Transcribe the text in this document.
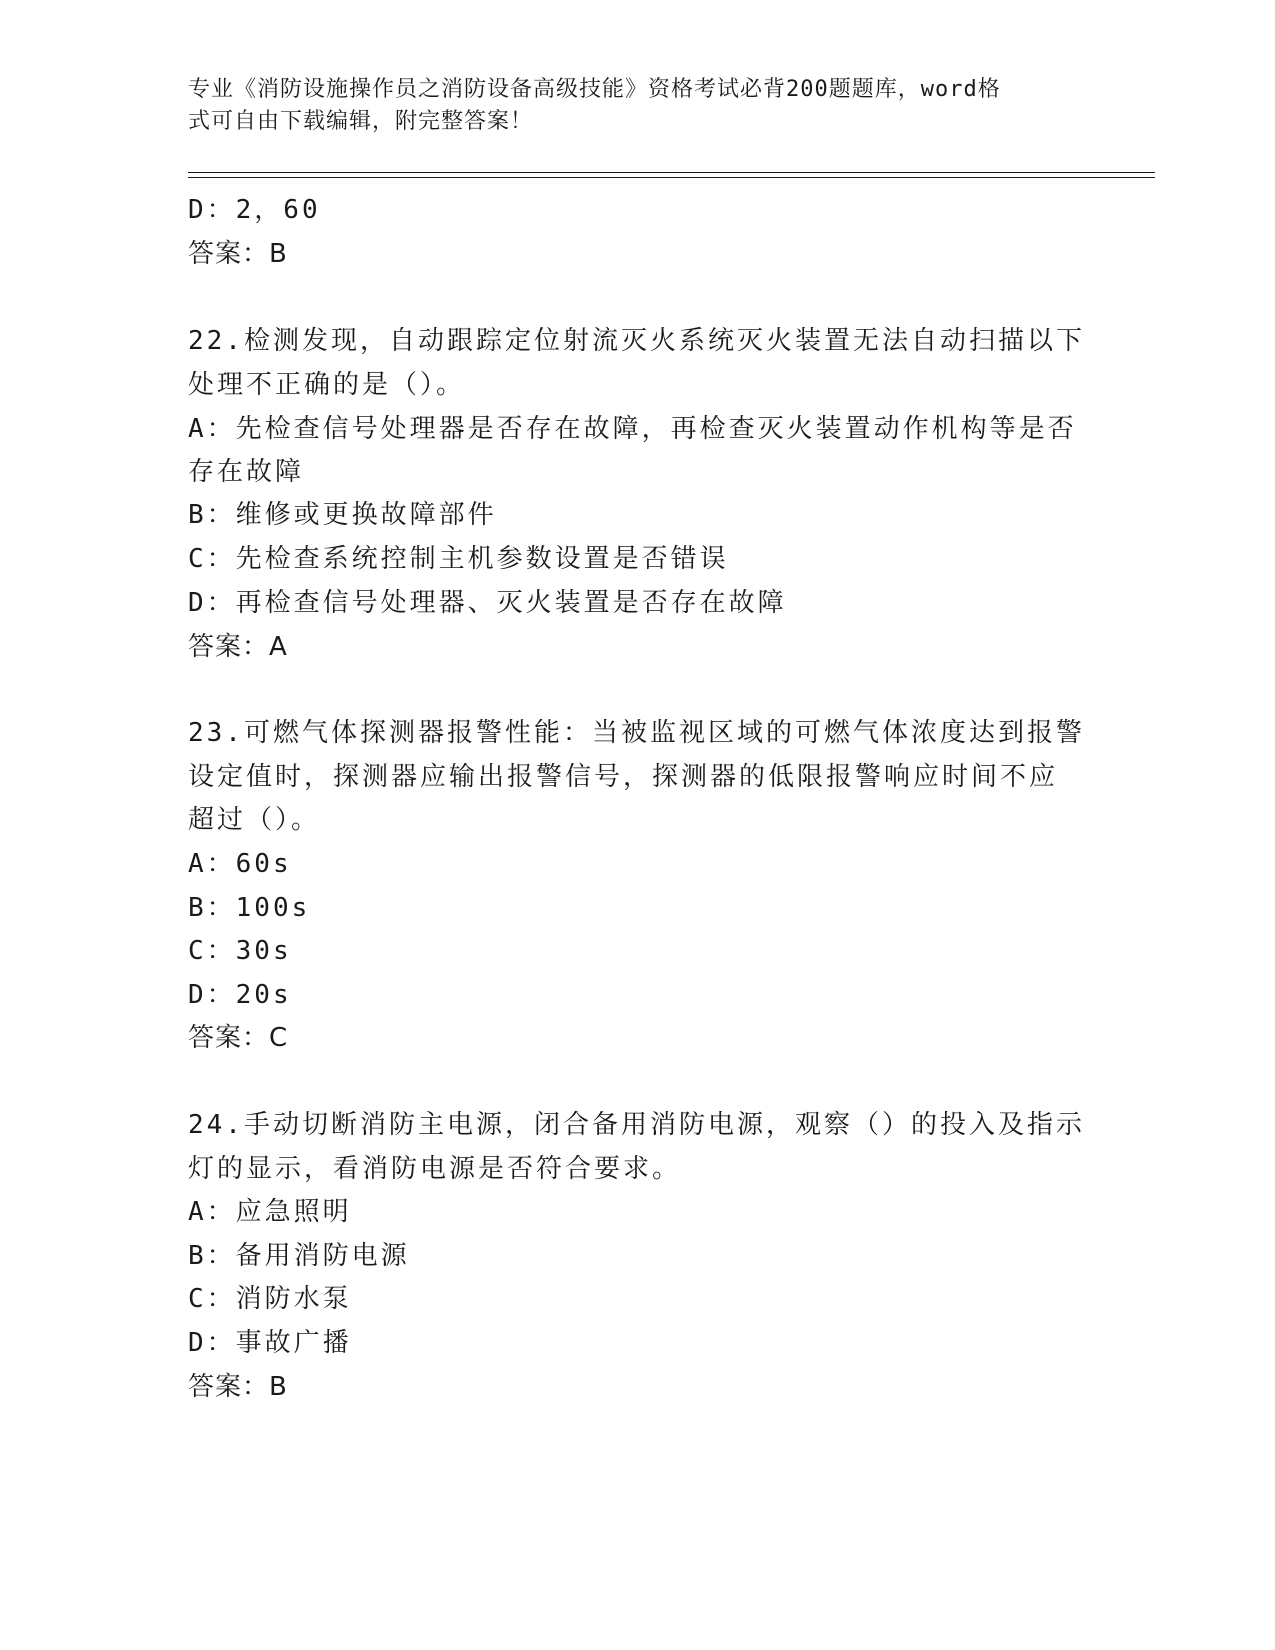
专业《消防设施操作员之消防设备高级技能》资格考试必背200题题库，word格
式可自由下载编辑，附完整答案！
D：2，60
答案：B
22.检测发现，自动跟踪定位射流灭火系统灭火装置无法自动扫描以下
处理不正确的是（）。
A：先检查信号处理器是否存在故障，再检查灭火装置动作机构等是否
存在故障
B：维修或更换故障部件
C：先检查系统控制主机参数设置是否错误
D：再检查信号处理器、灭火装置是否存在故障
答案：A
23.可燃气体探测器报警性能：当被监视区域的可燃气体浓度达到报警
设定值时，探测器应输出报警信号，探测器的低限报警响应时间不应
超过（）。
A：60s
B：100s
C：30s
D：20s
答案：C
24.手动切断消防主电源，闭合备用消防电源，观察（）的投入及指示
灯的显示，看消防电源是否符合要求。
A：应急照明
B：备用消防电源
C：消防水泵
D：事故广播
答案：B
